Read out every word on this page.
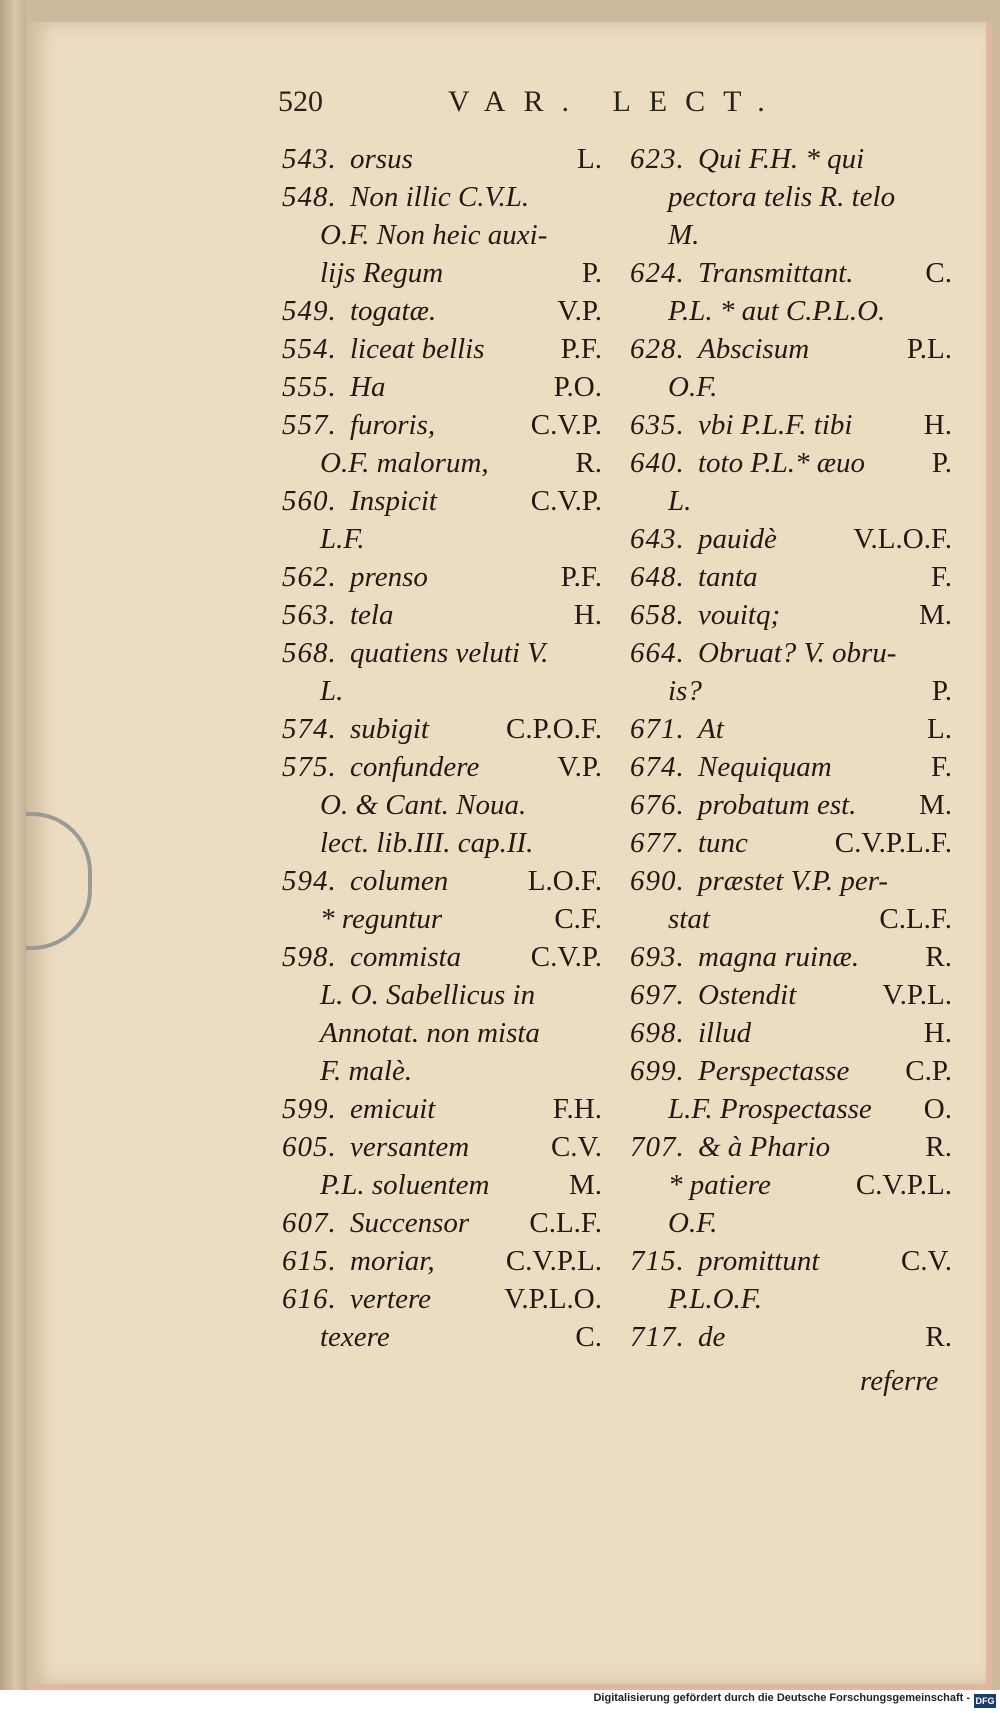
520	VAR. LECT.
543. orsus	L.
548. Non illic C.V.L.
O.F. Non heic auxi-
lijs Regum	P.
549. togatæ.	V.P.
554. liceat bellis	P.F.
555. Ha	P.O.
557. furoris,	C.V.P.
O.F. malorum,	R.
560. Inspicit	C.V.P.
L.F.
562. prenso	P.F.
563. tela	H.
568. quatiens veluti V.
L.
574. subigit	C.P.O.F.
575. confundere	V.P.
O. & Cant. Noua.
lect. lib.III. cap.II.
594. columen	L.O.F.
* reguntur	C.F.
598. commista C.V.P.
L. O. Sabellicus in
Annotat. non mista
F. malè.
599. emicuit	F.H.
605. versantem	C.V.
P.L. soluentem	M.
607. Succensor C.L.F.
615. moriar, C.V.P.L.
616. vertere	V.P.L.O.
texere	C.
623. Qui F.H. * qui
pectora telis R. telo
M.
624. Transmittant. C.
P.L. * aut C.P.L.O.
628. Abscisum	P.L.
O.F.
635. vbi P.L.F. tibi H.
640. toto P.L.* æuo P.
L.
643. pauidè	V.L.O.F.
648. tanta	F.
658. vouitq;	M.
664. Obruat? V. obru-
is?	P.
671. At	L.
674. Nequiquam	F.
676. probatum est. M.
677. tunc	C.V.P.L.F.
690. præstet V.P. per-
stat	C.L.F.
693. magna ruinæ. R.
697. Ostendit	V.P.L.
698. illud	H.
699. Perspectasse C.P.
L.F. Prospectasse O.
707. & à Phario	R.
* patiere	C.V.P.L.
O.F.
715. promittunt	C.V.
P.L.O.F.
717. de	R.
referre
Digitalisierung gefördert durch die Deutsche Forschungsgemeinschaft - DFG
